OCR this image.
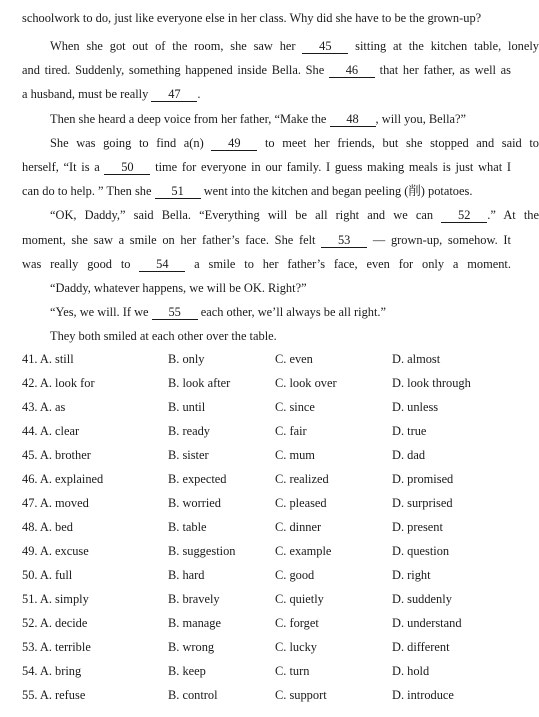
schoolwork to do, just like everyone else in her class. Why did she have to be the grown-up?
When she got out of the room, she saw her 45 sitting at the kitchen table, lonely
and tired. Suddenly, something happened inside Bella. She 46 that her father, as well as
a husband, must be really 47 .
Then she heard a deep voice from her father, “Make the 48 , will you, Bella?”
She was going to find a(n) 49 to meet her friends, but she stopped and said to
herself, “It is a 50 time for everyone in our family. I guess making meals is just what I
can do to help. ” Then she 51 went into the kitchen and began peeling (削) potatoes.
“OK, Daddy,” said Bella. “Everything will be all right and we can 52 .” At the
moment, she saw a smile on her father’s face. She felt 53 — grown-up, somehow. It
was really good to 54 a smile to her father’s face, even for only a moment.
“Daddy, whatever happens, we will be OK. Right?”
“Yes, we will. If we 55 each other, we’ll always be all right.”
They both smiled at each other over the table.
41. A. still	B. only	C. even	D. almost
42. A. look for	B. look after	C. look over	D. look through
43. A. as	B. until	C. since	D. unless
44. A. clear	B. ready	C. fair	D. true
45. A. brother	B. sister	C. mum	D. dad
46. A. explained	B. expected	C. realized	D. promised
47. A. moved	B. worried	C. pleased	D. surprised
48. A. bed	B. table	C. dinner	D. present
49. A. excuse	B. suggestion	C. example	D. question
50. A. full	B. hard	C. good	D. right
51. A. simply	B. bravely	C. quietly	D. suddenly
52. A. decide	B. manage	C. forget	D. understand
53. A. terrible	B. wrong	C. lucky	D. different
54. A. bring	B. keep	C. turn	D. hold
55. A. refuse	B. control	C. support	D. introduce
